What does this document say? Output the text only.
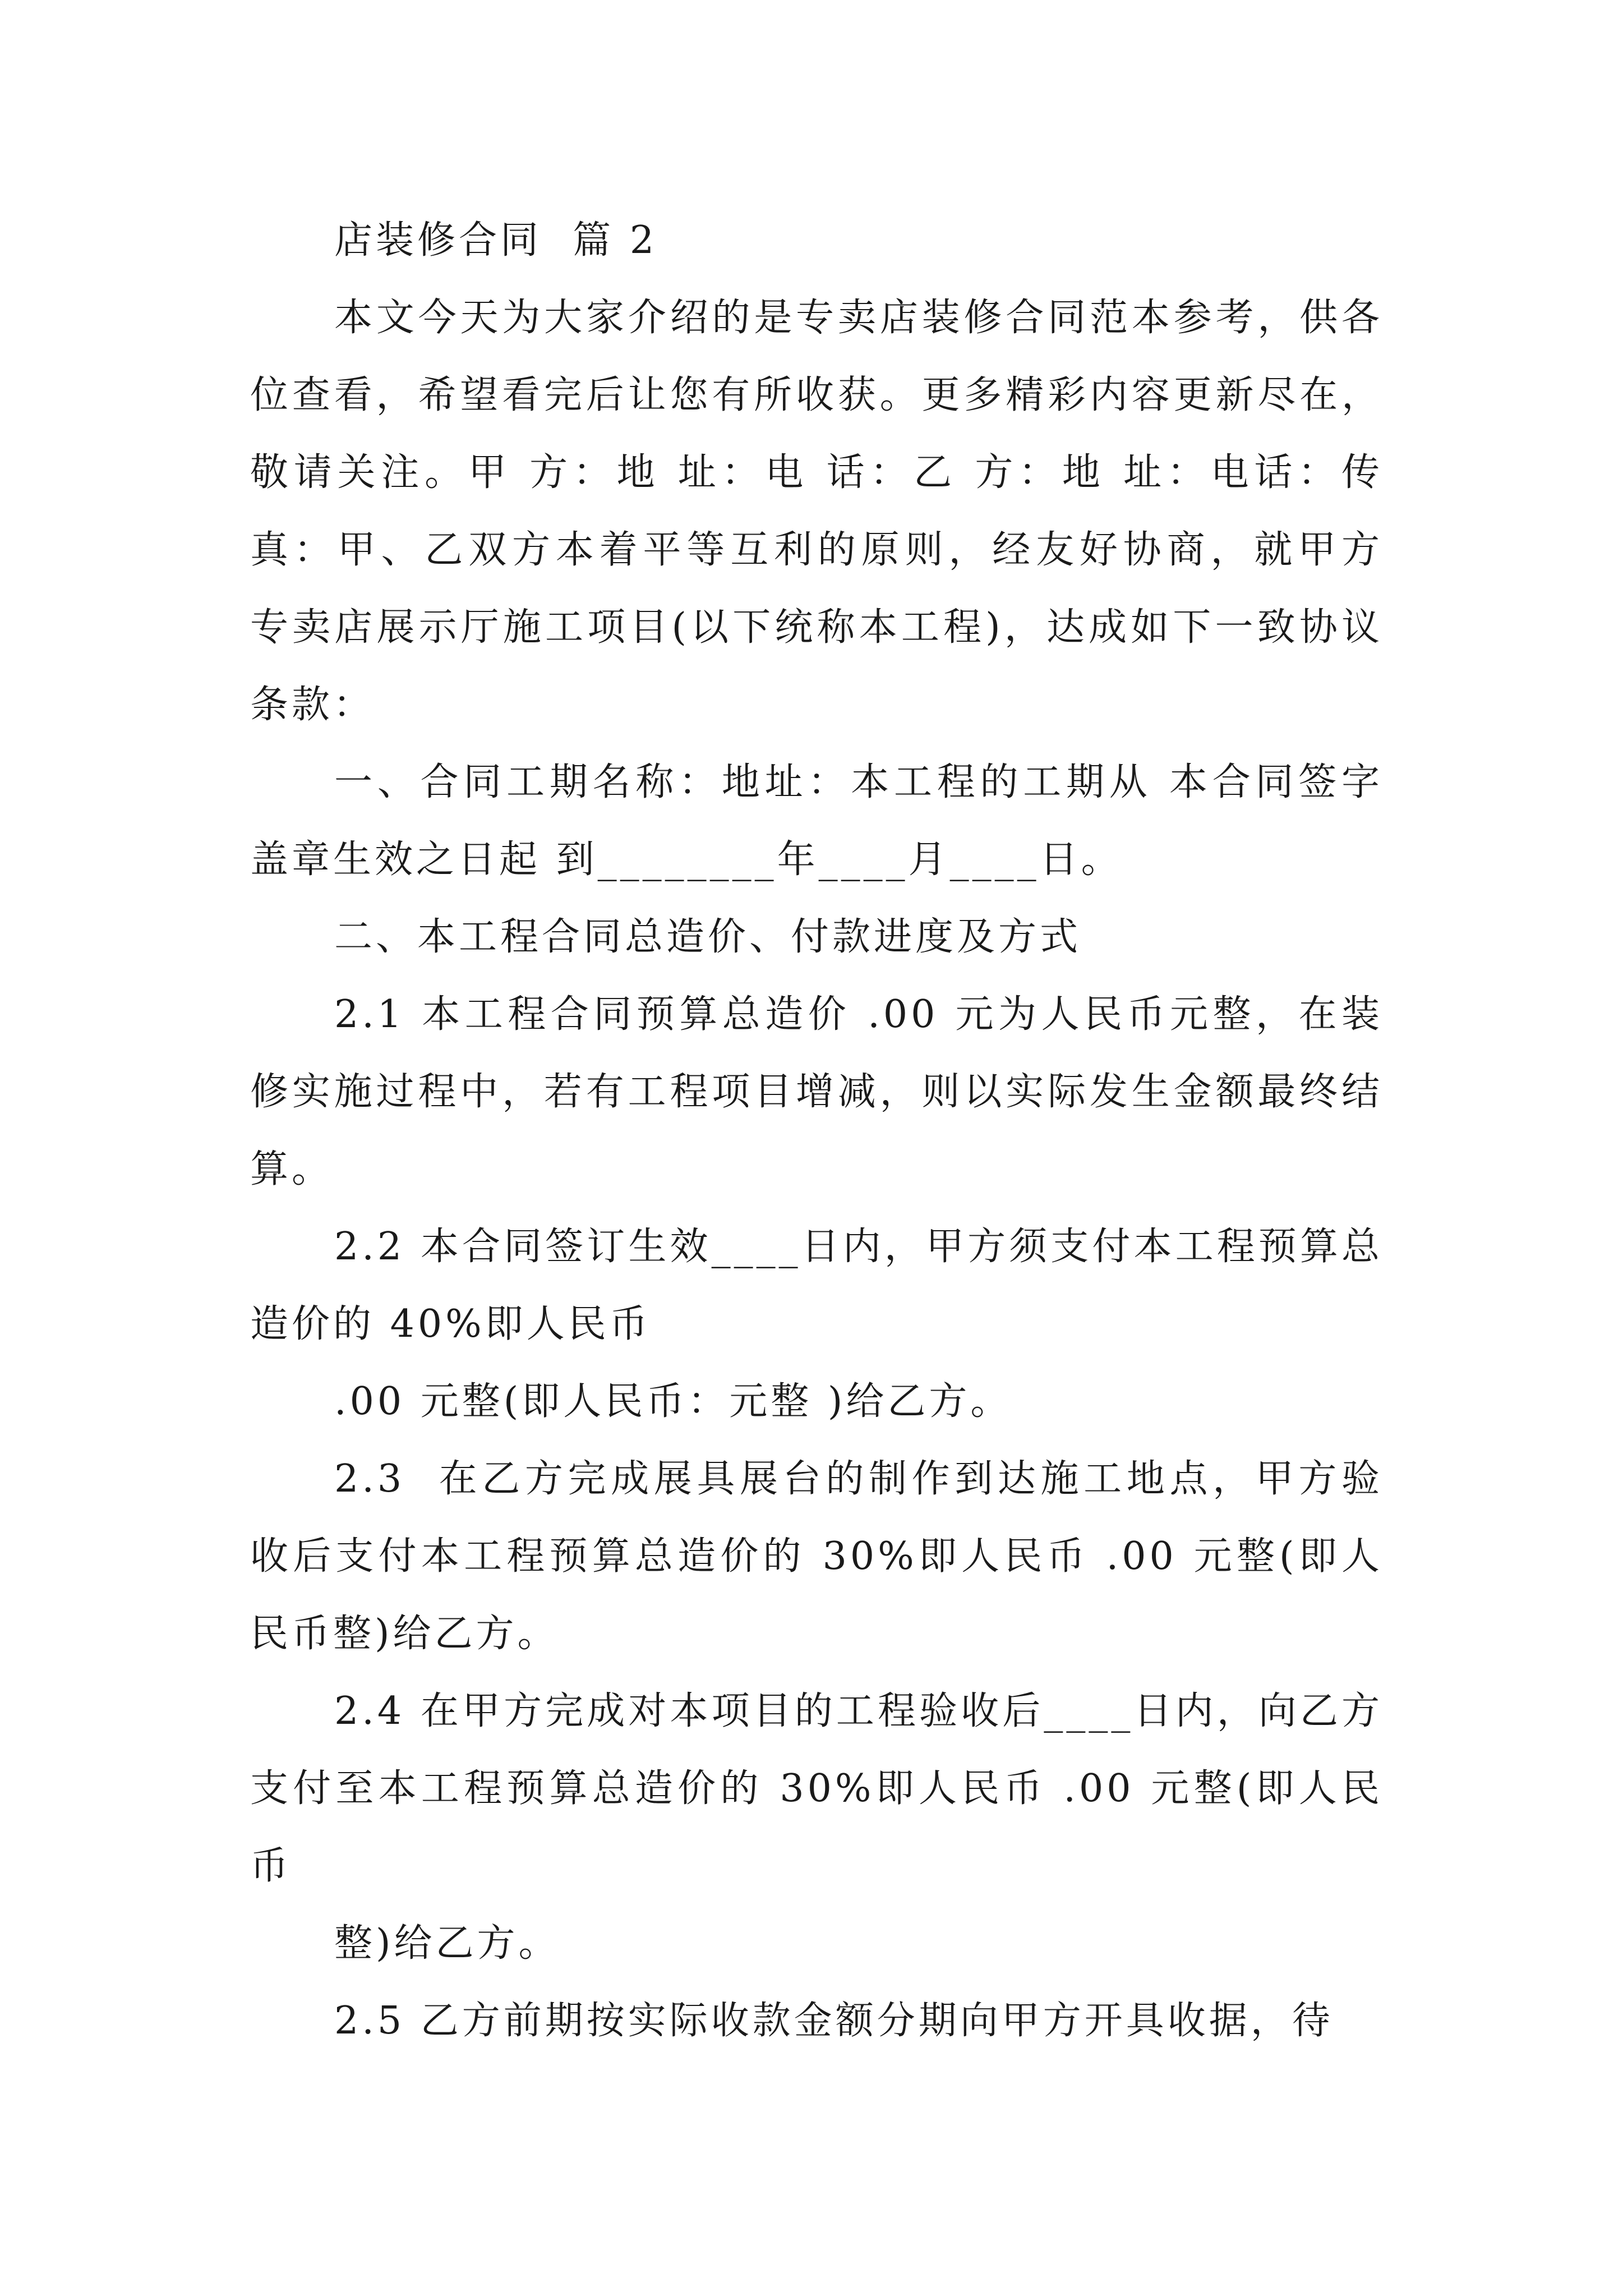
店装修合同  篇 2

本文今天为大家介绍的是专卖店装修合同范本参考，供各位查看，希望看完后让您有所收获。更多精彩内容更新尽在，敬请关注。甲 方：地 址：电 话：乙 方：地 址：电话：传 真：甲、乙双方本着平等互利的原则，经友好协商，就甲方 专卖店展示厅施工项目(以下统称本工程)，达成如下一致协议条款：

一、合同工期名称：地址：本工程的工期从 本合同签字盖章生效之日起 到________年____月____日。

二、本工程合同总造价、付款进度及方式

2.1 本工程合同预算总造价 .00 元为人民币元整，在装修实施过程中，若有工程项目增减，则以实际发生金额最终结算。

2.2 本合同签订生效____日内，甲方须支付本工程预算总造价的 40%即人民币

.00 元整(即人民币：元整 )给乙方。

2.3  在乙方完成展具展台的制作到达施工地点，甲方验收后支付本工程预算总造价的 30%即人民币 .00 元整(即人民币整)给乙方。

2.4 在甲方完成对本项目的工程验收后____日内，向乙方支付至本工程预算总造价的 30%即人民币 .00 元整(即人民币

整)给乙方。

2.5 乙方前期按实际收款金额分期向甲方开具收据，待
